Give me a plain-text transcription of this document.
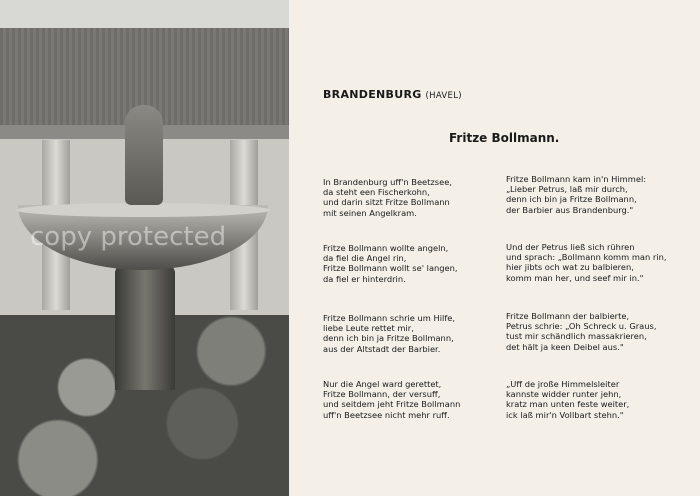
copy protected
BRANDENBURG (HAVEL)
Fritze Bollmann.
In Brandenburg uff'n Beetzsee,
da steht een Fischerkohn,
und darin sitzt Fritze Bollmann
mit seinen Angelkram.
Fritze Bollmann wollte angeln,
da fiel die Angel rin,
Fritze Bollmann wollt se' langen,
da fiel er hinterdrin.
Fritze Bollmann schrie um Hilfe,
liebe Leute rettet mir,
denn ich bin ja Fritze Bollmann,
aus der Altstadt der Barbier.
Nur die Angel ward gerettet,
Fritze Bollmann, der versuff,
und seitdem jeht Fritze Bollmann
uff'n Beetzsee nicht mehr ruff.
Fritze Bollmann kam in'n Himmel:
„Lieber Petrus, laß mir durch,
denn ich bin ja Fritze Bollmann,
der Barbier aus Brandenburg."
Und der Petrus ließ sich rühren
und sprach: „Bollmann komm man rin,
hier jibts och wat zu balbieren,
komm man her, und seef mir in."
Fritze Bollmann der balbierte,
Petrus schrie: „Oh Schreck u. Graus,
tust mir schändlich massakrieren,
det hält ja keen Deibel aus."
„Uff de jroße Himmelsleiter
kannste widder runter jehn,
kratz man unten feste weiter,
ick laß mir'n Vollbart stehn."
